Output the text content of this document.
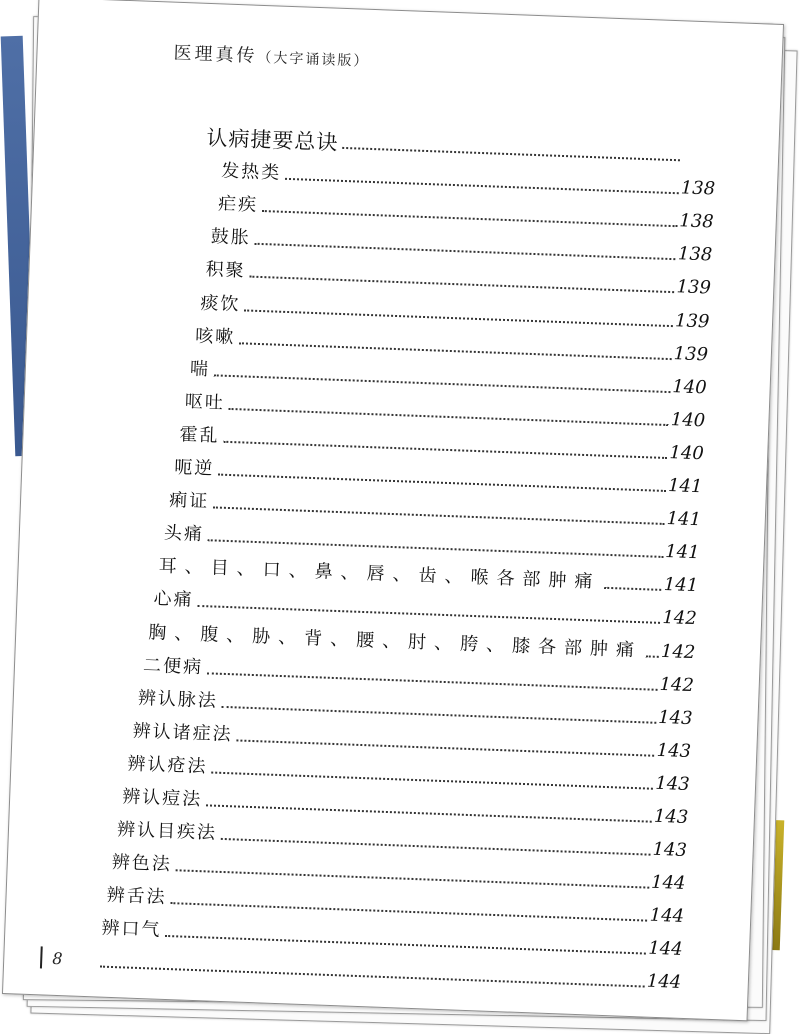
医理真传（大字诵读版）
认病捷要总诀
发热类
138
疟疾
138
鼓胀
138
积聚
139
痰饮
139
咳嗽
139
喘
140
呕吐
140
霍乱
140
呃逆
141
痢证
141
头痛
141
耳、目、口、鼻、唇、齿、喉各部肿痛	141
心痛
142
胸、腹、胁、背、腰、肘、胯、膝各部肿痛 142
二便病
142
辨认脉法
143
辨认诸症法
143
辨认疮法
143
辨认痘法
143
辨认目疾法
143
辨色法
144
辨舌法
144
辨口气
144
144
8
